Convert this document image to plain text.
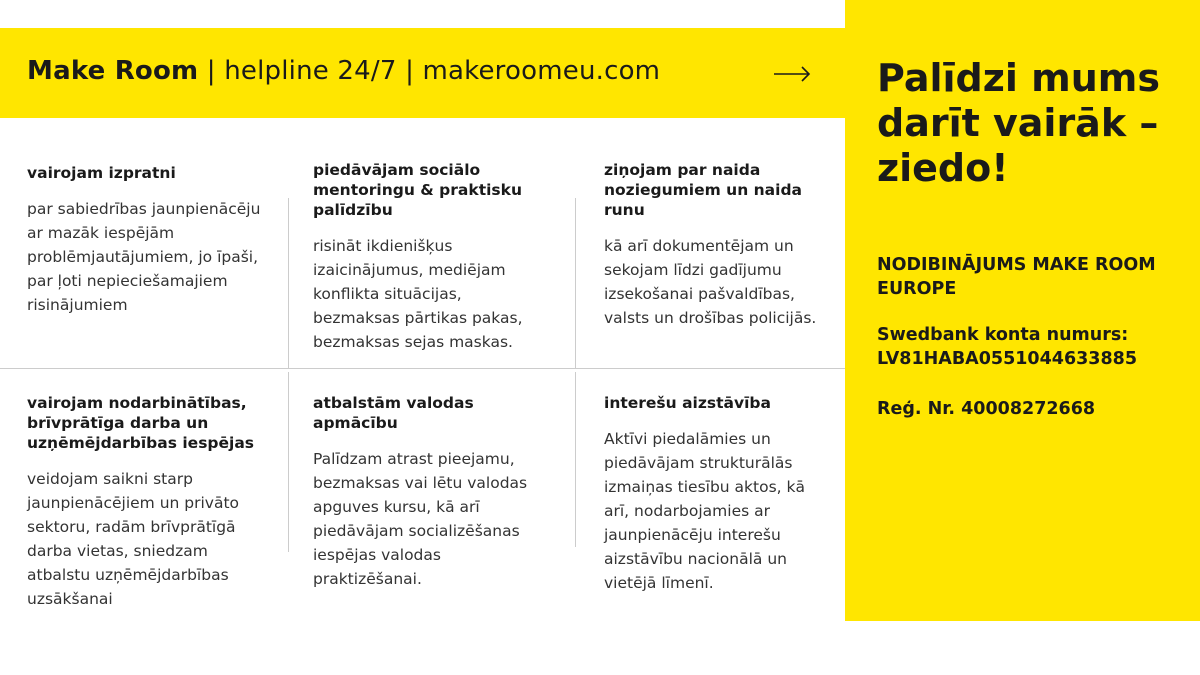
Make Room | helpline 24/7 | makeroomeu.com	Palīdzi mums darīt vairāk – ziedo!
NODIBINĀJUMS MAKE ROOM EUROPE
Swedbank konta numurs: LV81HABA0551044633885
Reģ. Nr. 40008272668
vairojam izpratni

par sabiedrības jaunpienācēju ar mazāk iespējām problēmjautājumiem, jo īpaši, par ļoti nepieciešamajiem risinājumiem

piedāvājam sociālo mentoringu & praktisku palīdzību

risināt ikdienišķus izaicinājumus, mediējam konflikta situācijas, bezmaksas pārtikas pakas, bezmaksas sejas maskas.

ziņojam par naida noziegumiem un naida runu

kā arī dokumentējam un sekojam līdzi gadījumu izsekošanai pašvaldības, valsts un drošības policijās.

vairojam nodarbinātības, brīvprātīga darba un uzņēmējdarbības iespējas

veidojam saikni starp jaunpienācējiem un privāto sektoru, radām brīvprātīgā darba vietas, sniedzam atbalstu uzņēmējdarbības uzsākšanai

atbalstām valodas apmācību

Palīdzam atrast pieejamu, bezmaksas vai lētu valodas apguves kursu, kā arī piedāvājam socializēšanas iespējas valodas praktizēšanai.

interešu aizstāvība

Aktīvi piedalāmies un piedāvājam strukturālās izmaiņas tiesību aktos, kā arī, nodarbojamies ar jaunpienācēju interešu aizstāvību nacionālā un vietējā līmenī.
